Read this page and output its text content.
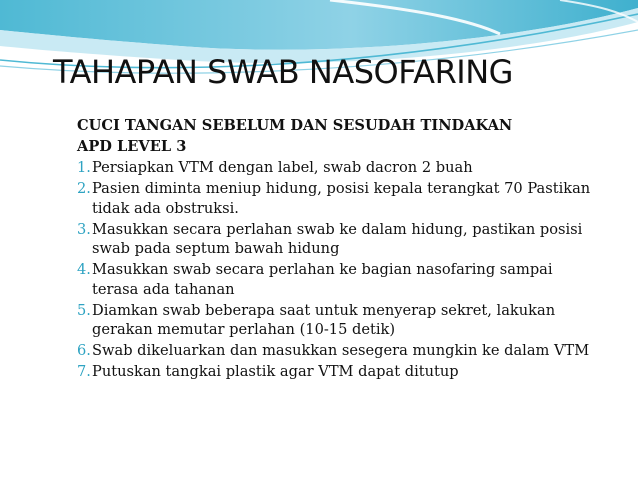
TAHAPAN SWAB NASOFARING
CUCI TANGAN SEBELUM DAN SESUDAH TINDAKAN
APD LEVEL 3
1. Persiapkan VTM dengan label, swab dacron 2 buah
2. Pasien diminta meniup hidung, posisi kepala terangkat 70 Pastikan tidak ada obstruksi.
3. Masukkan secara perlahan swab ke dalam hidung, pastikan posisi swab pada septum bawah hidung
4. Masukkan swab secara perlahan ke bagian nasofaring sampai terasa ada tahanan
5. Diamkan swab beberapa saat untuk menyerap sekret, lakukan gerakan memutar perlahan (10-15 detik)
6. Swab dikeluarkan dan masukkan sesegera mungkin ke dalam VTM
7. Putuskan tangkai plastik agar VTM dapat ditutup
